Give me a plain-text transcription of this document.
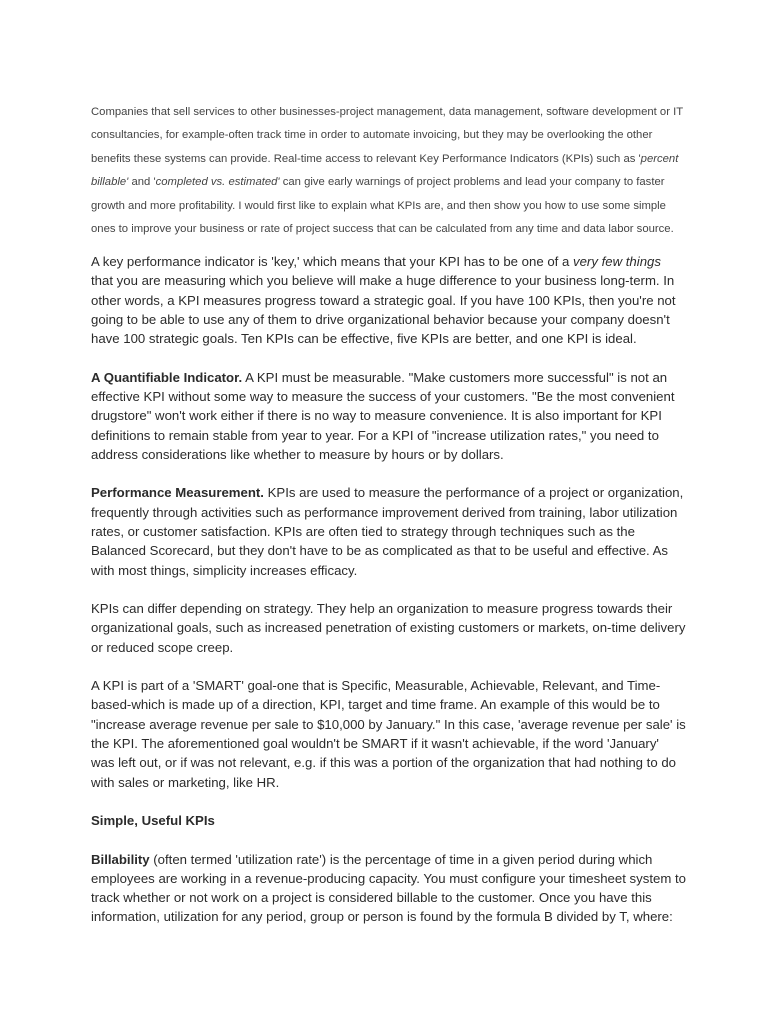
Companies that sell services to other businesses-project management, data management, software development or IT consultancies, for example-often track time in order to automate invoicing, but they may be overlooking the other benefits these systems can provide. Real-time access to relevant Key Performance Indicators (KPIs) such as 'percent billable' and 'completed vs. estimated' can give early warnings of project problems and lead your company to faster growth and more profitability. I would first like to explain what KPIs are, and then show you how to use some simple ones to improve your business or rate of project success that can be calculated from any time and data labor source.

A key performance indicator is 'key,' which means that your KPI has to be one of a very few things that you are measuring which you believe will make a huge difference to your business long-term. In other words, a KPI measures progress toward a strategic goal. If you have 100 KPIs, then you're not going to be able to use any of them to drive organizational behavior because your company doesn't have 100 strategic goals. Ten KPIs can be effective, five KPIs are better, and one KPI is ideal.

A Quantifiable Indicator. A KPI must be measurable. "Make customers more successful" is not an effective KPI without some way to measure the success of your customers. "Be the most convenient drugstore" won't work either if there is no way to measure convenience. It is also important for KPI definitions to remain stable from year to year. For a KPI of "increase utilization rates," you need to address considerations like whether to measure by hours or by dollars.

Performance Measurement. KPIs are used to measure the performance of a project or organization, frequently through activities such as performance improvement derived from training, labor utilization rates, or customer satisfaction. KPIs are often tied to strategy through techniques such as the Balanced Scorecard, but they don't have to be as complicated as that to be useful and effective. As with most things, simplicity increases efficacy.

KPIs can differ depending on strategy. They help an organization to measure progress towards their organizational goals, such as increased penetration of existing customers or markets, on-time delivery or reduced scope creep.

A KPI is part of a 'SMART' goal-one that is Specific, Measurable, Achievable, Relevant, and Time-based-which is made up of a direction, KPI, target and time frame. An example of this would be to "increase average revenue per sale to $10,000 by January." In this case, 'average revenue per sale' is the KPI. The aforementioned goal wouldn't be SMART if it wasn't achievable, if the word 'January' was left out, or if was not relevant, e.g. if this was a portion of the organization that had nothing to do with sales or marketing, like HR.

Simple, Useful KPIs

Billability (often termed 'utilization rate') is the percentage of time in a given period during which employees are working in a revenue-producing capacity. You must configure your timesheet system to track whether or not work on a project is considered billable to the customer. Once you have this information, utilization for any period, group or person is found by the formula B divided by T, where:
